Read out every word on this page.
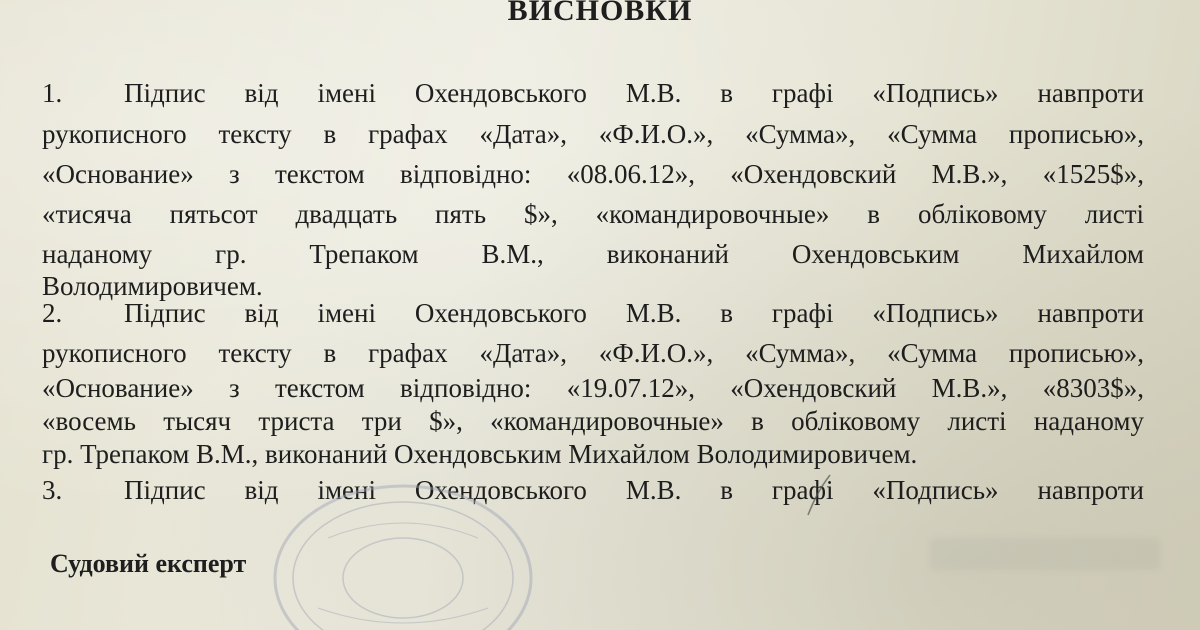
ВИСНОВКИ
1. Підпис від імені Охендовського М.В. в графі «Подпись» навпроти
рукописного тексту в графах «Дата», «Ф.И.О.», «Сумма», «Сумма прописью»,
«Основание» з текстом відповідно: «08.06.12», «Охендовский М.В.», «1525$»,
«тисяча пятьсот двадцать пять $», «командировочные» в обліковому листі
наданому гр. Трепаком В.М., виконаний Охендовським Михайлом
Володимировичем.
2. Підпис від імені Охендовського М.В. в графі «Подпись» навпроти
рукописного тексту в графах «Дата», «Ф.И.О.», «Сумма», «Сумма прописью»,
«Основание» з текстом відповідно: «19.07.12», «Охендовский М.В.», «8303$»,
«восемь тысяч триста три $», «командировочные» в обліковому листі наданому
гр. Трепаком В.М., виконаний Охендовським Михайлом Володимировичем.
3. Підпис від імені Охендовського М.В. в графі «Подпись» навпроти
Судовий експерт
